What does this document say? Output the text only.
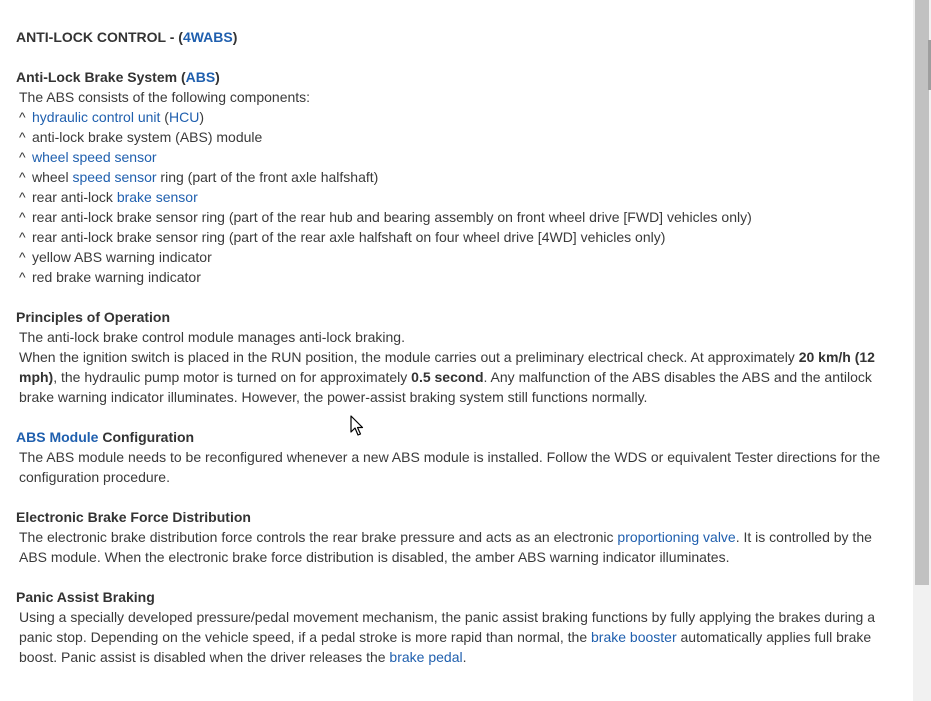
ANTI-LOCK CONTROL - (4WABS)
Anti-Lock Brake System (ABS)

The ABS consists of the following components:

^ hydraulic control unit (HCU)
^ anti-lock brake system (ABS) module
^ wheel speed sensor
^ wheel speed sensor ring (part of the front axle halfshaft)
^ rear anti-lock brake sensor
^ rear anti-lock brake sensor ring (part of the rear hub and bearing assembly on front wheel drive [FWD] vehicles only)
^ rear anti-lock brake sensor ring (part of the rear axle halfshaft on four wheel drive [4WD] vehicles only)
^ yellow ABS warning indicator
^ red brake warning indicator
Principles of Operation

The anti-lock brake control module manages anti-lock braking.

When the ignition switch is placed in the RUN position, the module carries out a preliminary electrical check. At approximately 20 km/h (12 mph), the hydraulic pump motor is turned on for approximately 0.5 second. Any malfunction of the ABS disables the ABS and the antilock brake warning indicator illuminates. However, the power-assist braking system still functions normally.

ABS Module Configuration

The ABS module needs to be reconfigured whenever a new ABS module is installed. Follow the WDS or equivalent Tester directions for the configuration procedure.

Electronic Brake Force Distribution

The electronic brake distribution force controls the rear brake pressure and acts as an electronic proportioning valve. It is controlled by the ABS module. When the electronic brake force distribution is disabled, the amber ABS warning indicator illuminates.

Panic Assist Braking

Using a specially developed pressure/pedal movement mechanism, the panic assist braking functions by fully applying the brakes during a panic stop. Depending on the vehicle speed, if a pedal stroke is more rapid than normal, the brake booster automatically applies full brake boost. Panic assist is disabled when the driver releases the brake pedal.
